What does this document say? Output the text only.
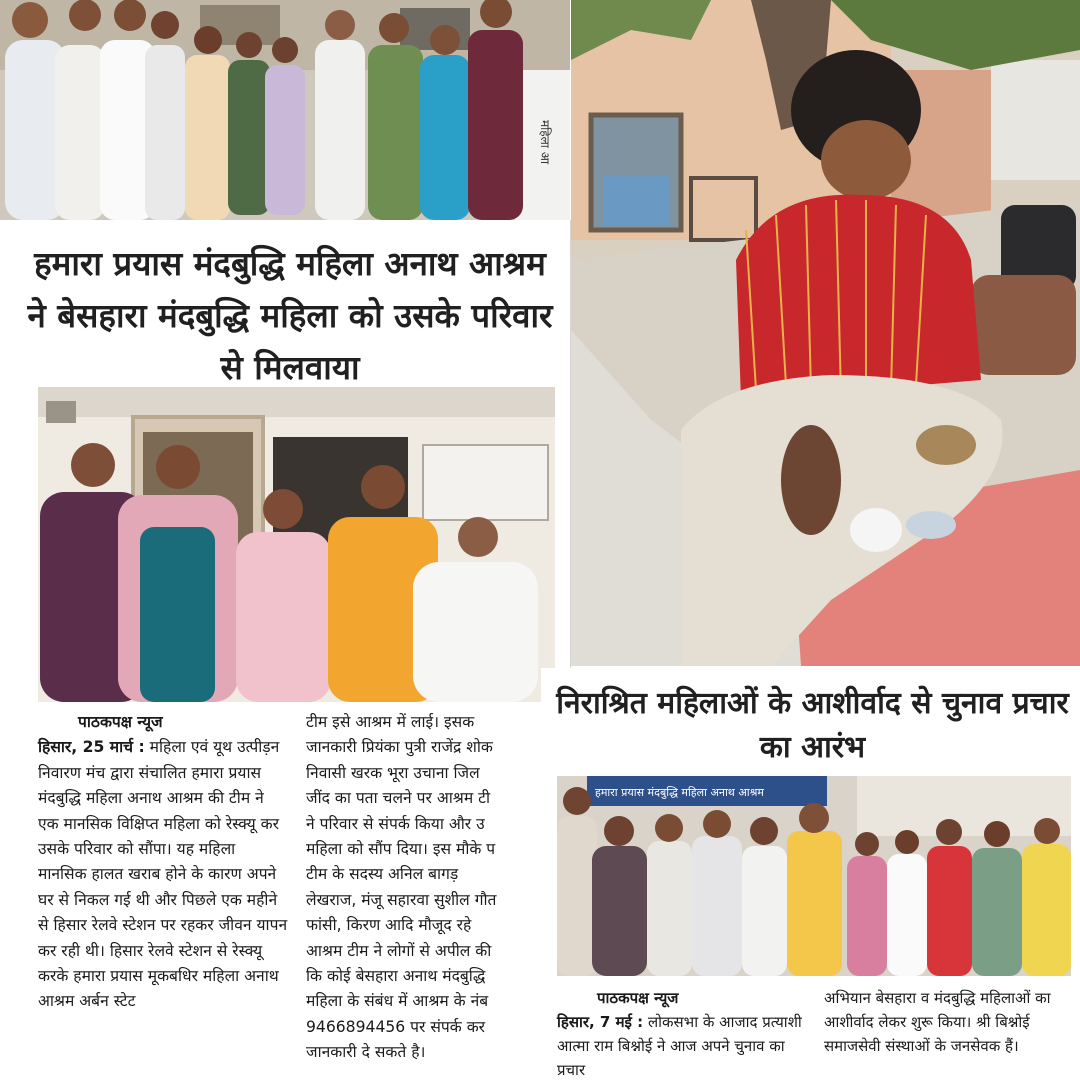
महिला आ
हमारा प्रयास मंदबुद्धि महिला अनाथ आश्रम ने बेसहारा मंदबुद्धि महिला को उसके परिवार से मिलवाया
पाठकपक्ष न्यूज
हिसार, 25 मार्च : महिला एवं यूथ उत्पीड़न निवारण मंच द्वारा संचालित हमारा प्रयास मंदबुद्धि महिला अनाथ आश्रम की टीम ने एक मानसिक विक्षिप्त महिला को रेस्क्यू कर उसके परिवार को सौंपा। यह महिला मानसिक हालत खराब होने के कारण अपने घर से निकल गई थी और पिछले एक महीने से हिसार रेलवे स्टेशन पर रहकर जीवन यापन कर रही थी। हिसार रेलवे स्टेशन से रेस्क्यू करके हमारा प्रयास मूकबधिर महिला अनाथ आश्रम अर्बन स्टेट
टीम इसे आश्रम में लाई। इसक
जानकारी प्रियंका पुत्री राजेंद्र शोक
निवासी खरक भूरा उचाना जिल
जींद का पता चलने पर आश्रम टी
ने परिवार से संपर्क किया और उ
महिला को सौंप दिया। इस मौके प
टीम के सदस्य अनिल बागड़
लेखराज, मंजू सहारवा सुशील गौत
फांसी, किरण आदि मौजूद रहे
आश्रम टीम ने लोगों से अपील की
कि कोई बेसहारा अनाथ मंदबुद्धि
महिला के संबंध में आश्रम के नंब
9466894456 पर संपर्क कर
जानकारी दे सकते है।
निराश्रित महिलाओं के आशीर्वाद से चुनाव प्रचार का आरंभ
हमारा प्रयास मंदबुद्धि महिला अनाथ आश्रम
पाठकपक्ष न्यूज
हिसार, 7 मई : लोकसभा के आजाद प्रत्याशी आत्मा राम बिश्नोई ने आज अपने चुनाव का प्रचार
अभियान बेसहारा व मंदबुद्धि महिलाओं का आशीर्वाद लेकर शुरू किया। श्री बिश्नोई समाजसेवी संस्थाओं के जनसेवक हैं।
